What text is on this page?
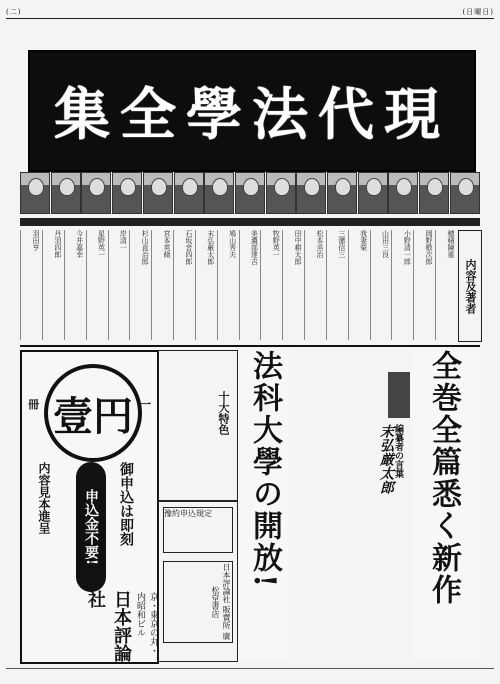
(二)	(日曜日)
集全學法代現
内容及著者
穂積陳重
岡野敬次郎
小野清一郎
山田三良
我妻榮
三潴信三
松本烝治
田中耕太郎
牧野英一
美濃部達吉
鳩山秀夫
末弘厳太郎
石坂音四郎
宮本英脩
杉山直治郎
岸清一
星野英一
今井嘉幸
丹羽四郎
羽田亨
壹円
冊	一
申込金不要!	御申込は即刻
内容見本進呈
京・東京の丸・内昭和ビル
日本評論社
十大特色
豫約申込規定
日本評論社 販賣所 廣松堂書店
法科大學の開放!	編纂者の言葉
末弘厳太郎	全巻全篇悉く新作
